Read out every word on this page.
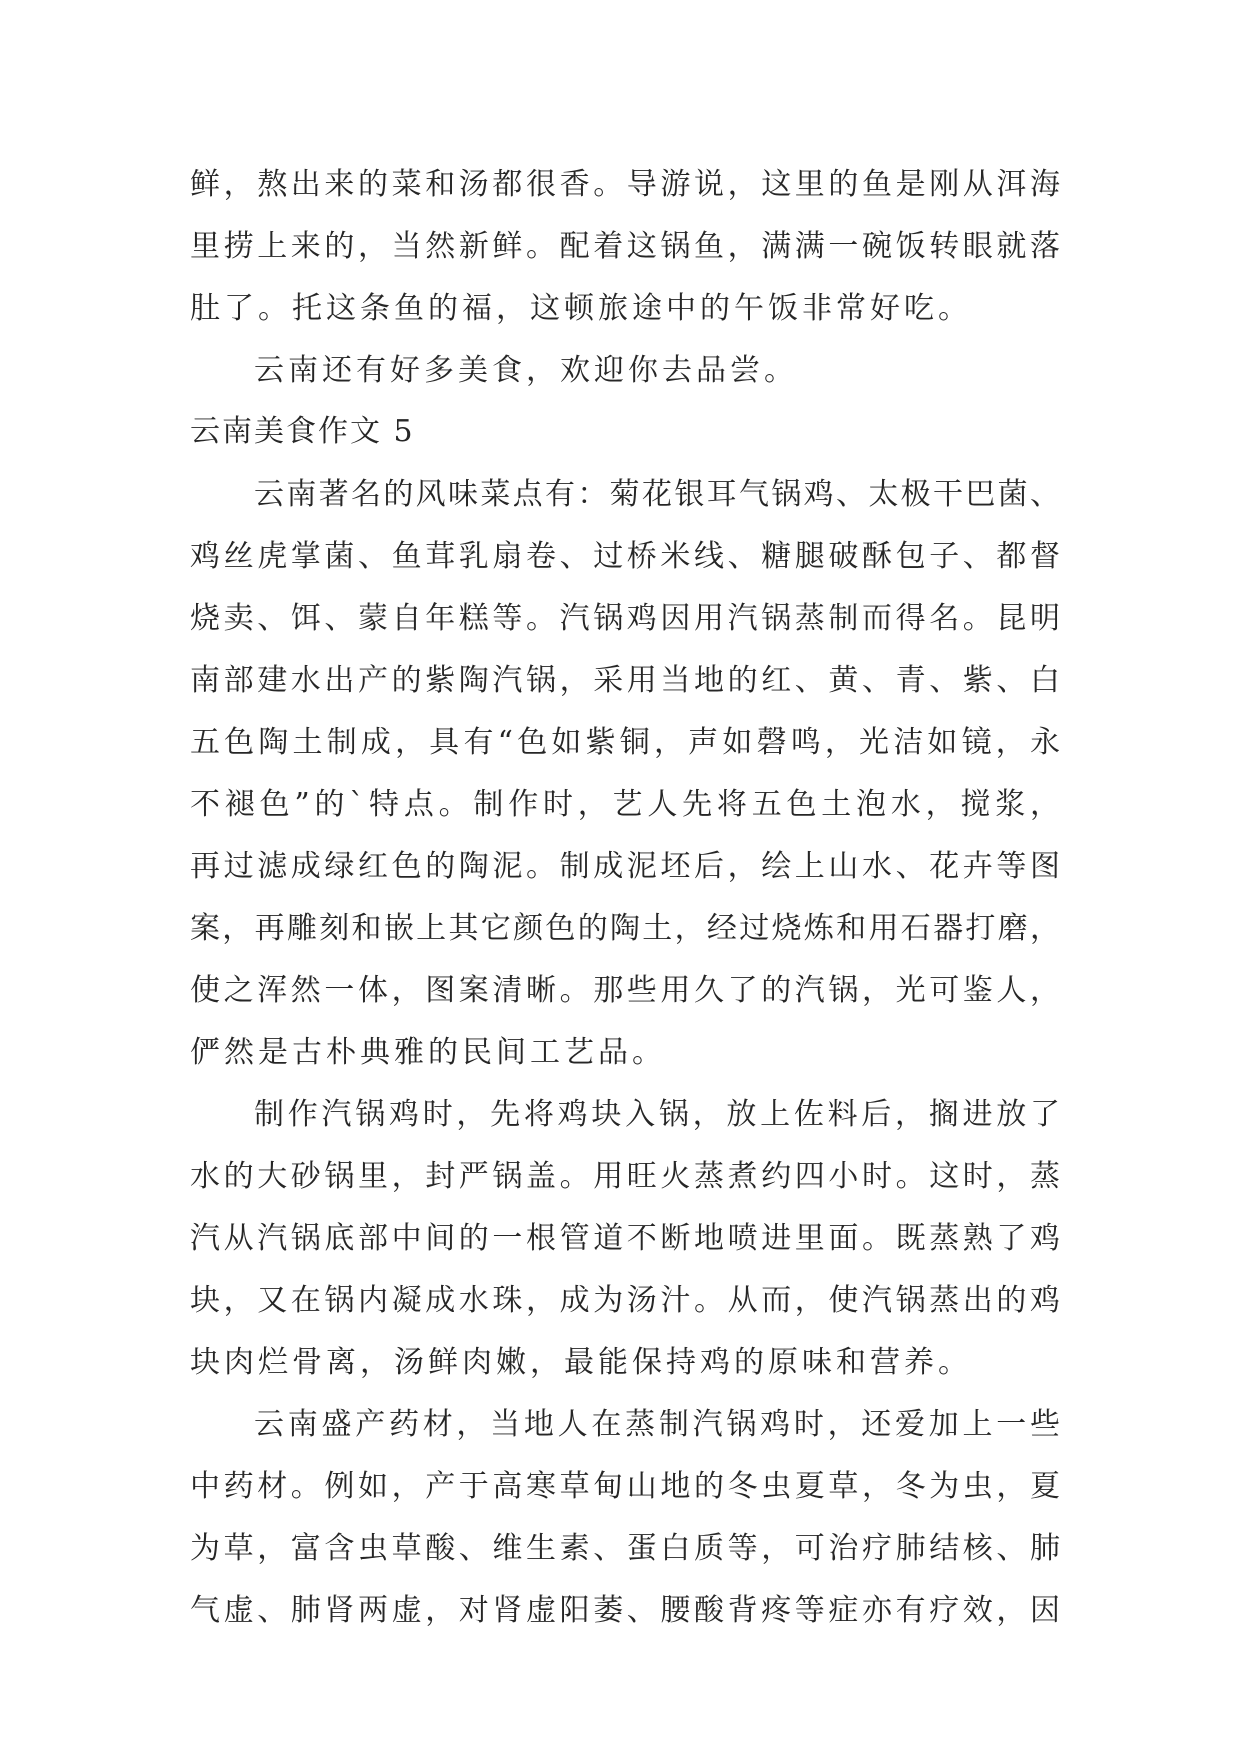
鲜，熬出来的菜和汤都很香。导游说，这里的鱼是刚从洱海
里捞上来的，当然新鲜。配着这锅鱼，满满一碗饭转眼就落
肚了。托这条鱼的福，这顿旅途中的午饭非常好吃。
云南还有好多美食，欢迎你去品尝。
云南美食作文 5
云南著名的风味菜点有：菊花银耳气锅鸡、太极干巴菌、
鸡丝虎掌菌、鱼茸乳扇卷、过桥米线、糖腿破酥包子、都督
烧卖、饵、蒙自年糕等。汽锅鸡因用汽锅蒸制而得名。昆明
南部建水出产的紫陶汽锅，采用当地的红、黄、青、紫、白
五色陶土制成，具有“色如紫铜，声如磬鸣，光洁如镜，永
不褪色”的`特点。制作时，艺人先将五色土泡水，搅浆，
再过滤成绿红色的陶泥。制成泥坯后，绘上山水、花卉等图
案，再雕刻和嵌上其它颜色的陶土，经过烧炼和用石器打磨，
使之浑然一体，图案清晰。那些用久了的汽锅，光可鉴人，
俨然是古朴典雅的民间工艺品。
制作汽锅鸡时，先将鸡块入锅，放上佐料后，搁进放了
水的大砂锅里，封严锅盖。用旺火蒸煮约四小时。这时，蒸
汽从汽锅底部中间的一根管道不断地喷进里面。既蒸熟了鸡
块，又在锅内凝成水珠，成为汤汁。从而，使汽锅蒸出的鸡
块肉烂骨离，汤鲜肉嫩，最能保持鸡的原味和营养。
云南盛产药材，当地人在蒸制汽锅鸡时，还爱加上一些
中药材。例如，产于高寒草甸山地的冬虫夏草，冬为虫，夏
为草，富含虫草酸、维生素、蛋白质等，可治疗肺结核、肺
气虚、肺肾两虚，对肾虚阳萎、腰酸背疼等症亦有疗效，因
